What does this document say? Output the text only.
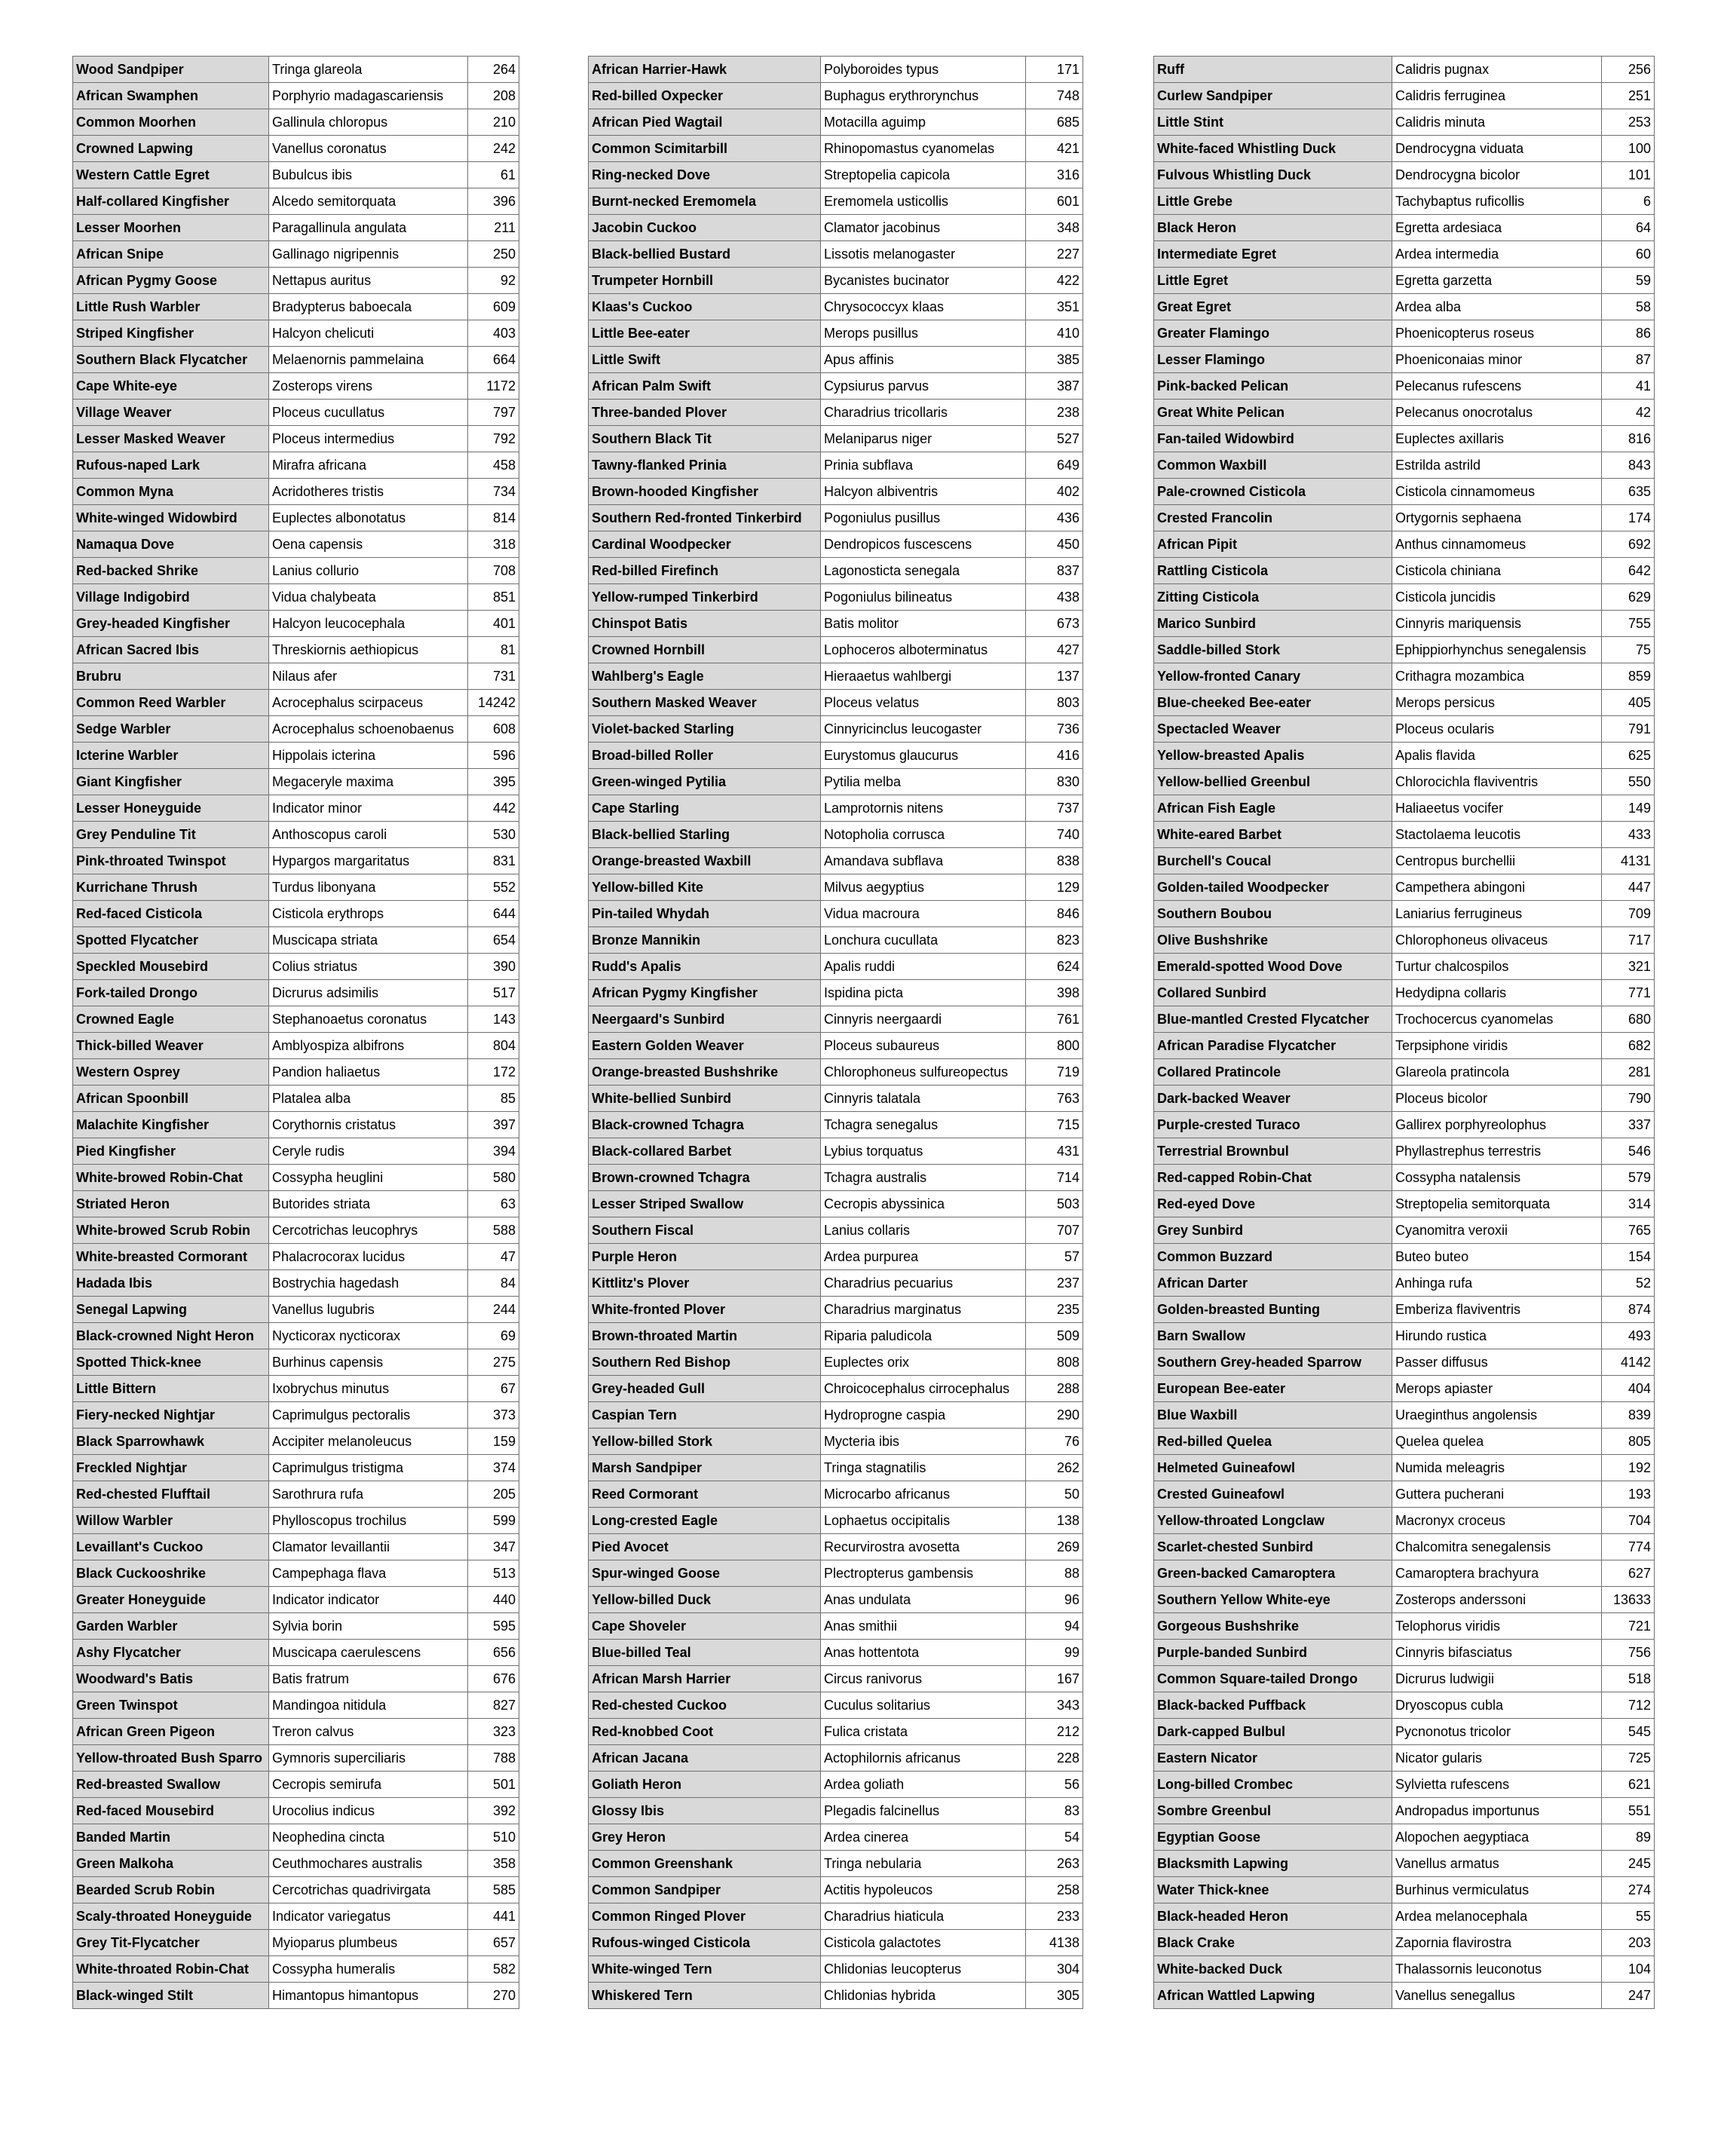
Wood Sandpiper	Tringa glareola	264
African Swamphen	Porphyrio madagascariensis	208
Common Moorhen	Gallinula chloropus	210
Crowned Lapwing	Vanellus coronatus	242
Western Cattle Egret	Bubulcus ibis	61
Half-collared Kingfisher	Alcedo semitorquata	396
Lesser Moorhen	Paragallinula angulata	211
African Snipe	Gallinago nigripennis	250
African Pygmy Goose	Nettapus auritus	92
Little Rush Warbler	Bradypterus baboecala	609
Striped Kingfisher	Halcyon chelicuti	403
Southern Black Flycatcher	Melaenornis pammelaina	664
Cape White-eye	Zosterops virens	1172
Village Weaver	Ploceus cucullatus	797
Lesser Masked Weaver	Ploceus intermedius	792
Rufous-naped Lark	Mirafra africana	458
Common Myna	Acridotheres tristis	734
White-winged Widowbird	Euplectes albonotatus	814
Namaqua Dove	Oena capensis	318
Red-backed Shrike	Lanius collurio	708
Village Indigobird	Vidua chalybeata	851
Grey-headed Kingfisher	Halcyon leucocephala	401
African Sacred Ibis	Threskiornis aethiopicus	81
Brubru	Nilaus afer	731
Common Reed Warbler	Acrocephalus scirpaceus	14242
Sedge Warbler	Acrocephalus schoenobaenus	608
Icterine Warbler	Hippolais icterina	596
Giant Kingfisher	Megaceryle maxima	395
Lesser Honeyguide	Indicator minor	442
Grey Penduline Tit	Anthoscopus caroli	530
Pink-throated Twinspot	Hypargos margaritatus	831
Kurrichane Thrush	Turdus libonyana	552
Red-faced Cisticola	Cisticola erythrops	644
Spotted Flycatcher	Muscicapa striata	654
Speckled Mousebird	Colius striatus	390
Fork-tailed Drongo	Dicrurus adsimilis	517
Crowned Eagle	Stephanoaetus coronatus	143
Thick-billed Weaver	Amblyospiza albifrons	804
Western Osprey	Pandion haliaetus	172
African Spoonbill	Platalea alba	85
Malachite Kingfisher	Corythornis cristatus	397
Pied Kingfisher	Ceryle rudis	394
White-browed Robin-Chat	Cossypha heuglini	580
Striated Heron	Butorides striata	63
White-browed Scrub Robin	Cercotrichas leucophrys	588
White-breasted Cormorant	Phalacrocorax lucidus	47
Hadada Ibis	Bostrychia hagedash	84
Senegal Lapwing	Vanellus lugubris	244
Black-crowned Night Heron	Nycticorax nycticorax	69
Spotted Thick-knee	Burhinus capensis	275
Little Bittern	Ixobrychus minutus	67
Fiery-necked Nightjar	Caprimulgus pectoralis	373
Black Sparrowhawk	Accipiter melanoleucus	159
Freckled Nightjar	Caprimulgus tristigma	374
Red-chested Flufftail	Sarothrura rufa	205
Willow Warbler	Phylloscopus trochilus	599
Levaillant's Cuckoo	Clamator levaillantii	347
Black Cuckooshrike	Campephaga flava	513
Greater Honeyguide	Indicator indicator	440
Garden Warbler	Sylvia borin	595
Ashy Flycatcher	Muscicapa caerulescens	656
Woodward's Batis	Batis fratrum	676
Green Twinspot	Mandingoa nitidula	827
African Green Pigeon	Treron calvus	323
Yellow-throated Bush Sparro	Gymnoris superciliaris	788
Red-breasted Swallow	Cecropis semirufa	501
Red-faced Mousebird	Urocolius indicus	392
Banded Martin	Neophedina cincta	510
Green Malkoha	Ceuthmochares australis	358
Bearded Scrub Robin	Cercotrichas quadrivirgata	585
Scaly-throated Honeyguide	Indicator variegatus	441
Grey Tit-Flycatcher	Myioparus plumbeus	657
White-throated Robin-Chat	Cossypha humeralis	582
Black-winged Stilt	Himantopus himantopus	270
African Harrier-Hawk	Polyboroides typus	171
Red-billed Oxpecker	Buphagus erythrorynchus	748
African Pied Wagtail	Motacilla aguimp	685
Common Scimitarbill	Rhinopomastus cyanomelas	421
Ring-necked Dove	Streptopelia capicola	316
Burnt-necked Eremomela	Eremomela usticollis	601
Jacobin Cuckoo	Clamator jacobinus	348
Black-bellied Bustard	Lissotis melanogaster	227
Trumpeter Hornbill	Bycanistes bucinator	422
Klaas's Cuckoo	Chrysococcyx klaas	351
Little Bee-eater	Merops pusillus	410
Little Swift	Apus affinis	385
African Palm Swift	Cypsiurus parvus	387
Three-banded Plover	Charadrius tricollaris	238
Southern Black Tit	Melaniparus niger	527
Tawny-flanked Prinia	Prinia subflava	649
Brown-hooded Kingfisher	Halcyon albiventris	402
Southern Red-fronted Tinkerbird	Pogoniulus pusillus	436
Cardinal Woodpecker	Dendropicos fuscescens	450
Red-billed Firefinch	Lagonosticta senegala	837
Yellow-rumped Tinkerbird	Pogoniulus bilineatus	438
Chinspot Batis	Batis molitor	673
Crowned Hornbill	Lophoceros alboterminatus	427
Wahlberg's Eagle	Hieraaetus wahlbergi	137
Southern Masked Weaver	Ploceus velatus	803
Violet-backed Starling	Cinnyricinclus leucogaster	736
Broad-billed Roller	Eurystomus glaucurus	416
Green-winged Pytilia	Pytilia melba	830
Cape Starling	Lamprotornis nitens	737
Black-bellied Starling	Notopholia corrusca	740
Orange-breasted Waxbill	Amandava subflava	838
Yellow-billed Kite	Milvus aegyptius	129
Pin-tailed Whydah	Vidua macroura	846
Bronze Mannikin	Lonchura cucullata	823
Rudd's Apalis	Apalis ruddi	624
African Pygmy Kingfisher	Ispidina picta	398
Neergaard's Sunbird	Cinnyris neergaardi	761
Eastern Golden Weaver	Ploceus subaureus	800
Orange-breasted Bushshrike	Chlorophoneus sulfureopectus	719
White-bellied Sunbird	Cinnyris talatala	763
Black-crowned Tchagra	Tchagra senegalus	715
Black-collared Barbet	Lybius torquatus	431
Brown-crowned Tchagra	Tchagra australis	714
Lesser Striped Swallow	Cecropis abyssinica	503
Southern Fiscal	Lanius collaris	707
Purple Heron	Ardea purpurea	57
Kittlitz's Plover	Charadrius pecuarius	237
White-fronted Plover	Charadrius marginatus	235
Brown-throated Martin	Riparia paludicola	509
Southern Red Bishop	Euplectes orix	808
Grey-headed Gull	Chroicocephalus cirrocephalus	288
Caspian Tern	Hydroprogne caspia	290
Yellow-billed Stork	Mycteria ibis	76
Marsh Sandpiper	Tringa stagnatilis	262
Reed Cormorant	Microcarbo africanus	50
Long-crested Eagle	Lophaetus occipitalis	138
Pied Avocet	Recurvirostra avosetta	269
Spur-winged Goose	Plectropterus gambensis	88
Yellow-billed Duck	Anas undulata	96
Cape Shoveler	Anas smithii	94
Blue-billed Teal	Anas hottentota	99
African Marsh Harrier	Circus ranivorus	167
Red-chested Cuckoo	Cuculus solitarius	343
Red-knobbed Coot	Fulica cristata	212
African Jacana	Actophilornis africanus	228
Goliath Heron	Ardea goliath	56
Glossy Ibis	Plegadis falcinellus	83
Grey Heron	Ardea cinerea	54
Common Greenshank	Tringa nebularia	263
Common Sandpiper	Actitis hypoleucos	258
Common Ringed Plover	Charadrius hiaticula	233
Rufous-winged Cisticola	Cisticola galactotes	4138
White-winged Tern	Chlidonias leucopterus	304
Whiskered Tern	Chlidonias hybrida	305
Ruff	Calidris pugnax	256
Curlew Sandpiper	Calidris ferruginea	251
Little Stint	Calidris minuta	253
White-faced Whistling Duck	Dendrocygna viduata	100
Fulvous Whistling Duck	Dendrocygna bicolor	101
Little Grebe	Tachybaptus ruficollis	6
Black Heron	Egretta ardesiaca	64
Intermediate Egret	Ardea intermedia	60
Little Egret	Egretta garzetta	59
Great Egret	Ardea alba	58
Greater Flamingo	Phoenicopterus roseus	86
Lesser Flamingo	Phoeniconaias minor	87
Pink-backed Pelican	Pelecanus rufescens	41
Great White Pelican	Pelecanus onocrotalus	42
Fan-tailed Widowbird	Euplectes axillaris	816
Common Waxbill	Estrilda astrild	843
Pale-crowned Cisticola	Cisticola cinnamomeus	635
Crested Francolin	Ortygornis sephaena	174
African Pipit	Anthus cinnamomeus	692
Rattling Cisticola	Cisticola chiniana	642
Zitting Cisticola	Cisticola juncidis	629
Marico Sunbird	Cinnyris mariquensis	755
Saddle-billed Stork	Ephippiorhynchus senegalensis	75
Yellow-fronted Canary	Crithagra mozambica	859
Blue-cheeked Bee-eater	Merops persicus	405
Spectacled Weaver	Ploceus ocularis	791
Yellow-breasted Apalis	Apalis flavida	625
Yellow-bellied Greenbul	Chlorocichla flaviventris	550
African Fish Eagle	Haliaeetus vocifer	149
White-eared Barbet	Stactolaema leucotis	433
Burchell's Coucal	Centropus burchellii	4131
Golden-tailed Woodpecker	Campethera abingoni	447
Southern Boubou	Laniarius ferrugineus	709
Olive Bushshrike	Chlorophoneus olivaceus	717
Emerald-spotted Wood Dove	Turtur chalcospilos	321
Collared Sunbird	Hedydipna collaris	771
Blue-mantled Crested Flycatcher	Trochocercus cyanomelas	680
African Paradise Flycatcher	Terpsiphone viridis	682
Collared Pratincole	Glareola pratincola	281
Dark-backed Weaver	Ploceus bicolor	790
Purple-crested Turaco	Gallirex porphyreolophus	337
Terrestrial Brownbul	Phyllastrephus terrestris	546
Red-capped Robin-Chat	Cossypha natalensis	579
Red-eyed Dove	Streptopelia semitorquata	314
Grey Sunbird	Cyanomitra veroxii	765
Common Buzzard	Buteo buteo	154
African Darter	Anhinga rufa	52
Golden-breasted Bunting	Emberiza flaviventris	874
Barn Swallow	Hirundo rustica	493
Southern Grey-headed Sparrow	Passer diffusus	4142
European Bee-eater	Merops apiaster	404
Blue Waxbill	Uraeginthus angolensis	839
Red-billed Quelea	Quelea quelea	805
Helmeted Guineafowl	Numida meleagris	192
Crested Guineafowl	Guttera pucherani	193
Yellow-throated Longclaw	Macronyx croceus	704
Scarlet-chested Sunbird	Chalcomitra senegalensis	774
Green-backed Camaroptera	Camaroptera brachyura	627
Southern Yellow White-eye	Zosterops anderssoni	13633
Gorgeous Bushshrike	Telophorus viridis	721
Purple-banded Sunbird	Cinnyris bifasciatus	756
Common Square-tailed Drongo	Dicrurus ludwigii	518
Black-backed Puffback	Dryoscopus cubla	712
Dark-capped Bulbul	Pycnonotus tricolor	545
Eastern Nicator	Nicator gularis	725
Long-billed Crombec	Sylvietta rufescens	621
Sombre Greenbul	Andropadus importunus	551
Egyptian Goose	Alopochen aegyptiaca	89
Blacksmith Lapwing	Vanellus armatus	245
Water Thick-knee	Burhinus vermiculatus	274
Black-headed Heron	Ardea melanocephala	55
Black Crake	Zapornia flavirostra	203
White-backed Duck	Thalassornis leuconotus	104
African Wattled Lapwing	Vanellus senegallus	247
